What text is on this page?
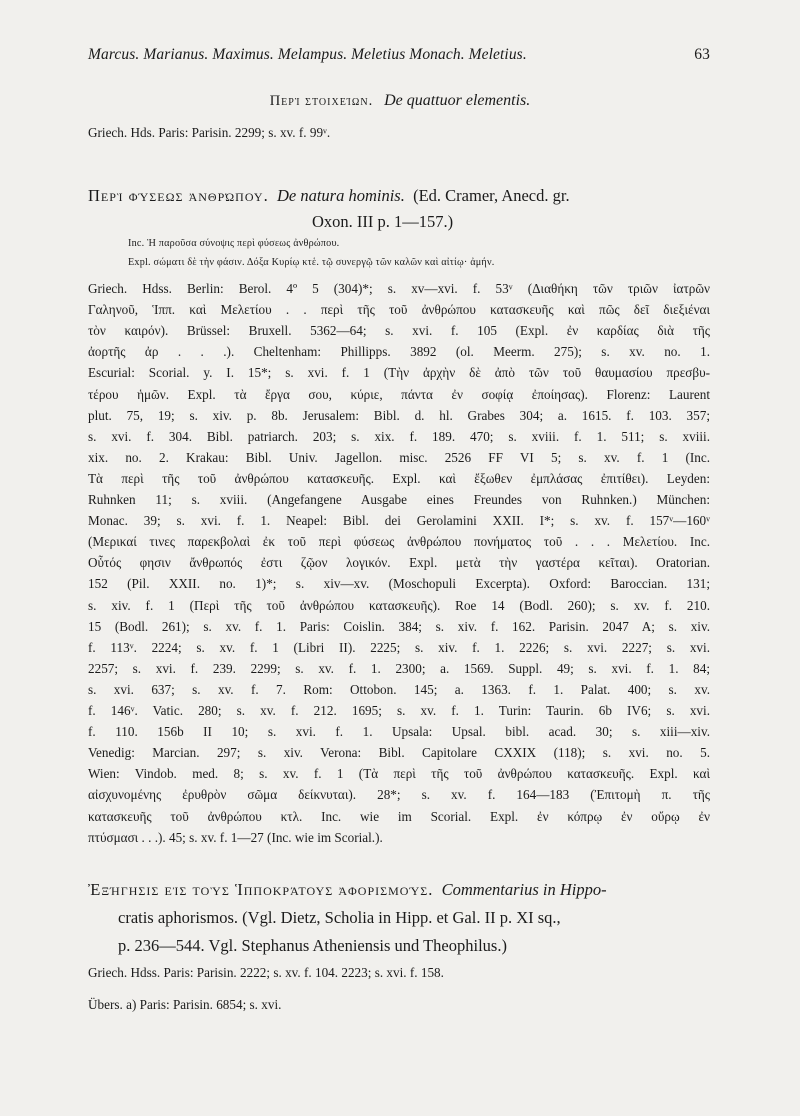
Marcus. Marianus. Maximus. Melampus. Meletius Monach. Meletius.	63
Περὶ στοιχείων. De quattuor elementis.
Griech. Hds. Paris: Parisin. 2299; s. xv. f. 99ᵛ.
Περὶ φύσεως ἀνθρώπου. De natura hominis. (Ed. Cramer, Anecd. gr.
Oxon. III p. 1—157.)
Inc. Ἡ παροῦσα σύνοψις περὶ φύσεως ἀνθρώπου.
Expl. σώματι δὲ τὴν φάσιν. Δόξα Κυρίῳ κτἑ. τῷ συνεργῷ τῶν καλῶν καὶ αἰτίῳ· ἀμήν.
Griech. Hdss. Berlin: Berol. 4º 5 (304)*; s. xv—xvi. f. 53ᵛ (Διαθήκη τῶν τριῶν ἰατρῶν
Γαληνοῦ, Ἱππ. καὶ Μελετίου . . περὶ τῆς τοῦ ἀνθρώπου κατασκευῆς καὶ πῶς δεῖ διεξιέναι
τὸν καιρόν). Brüssel: Bruxell. 5362—64; s. xvi. f. 105 (Expl. ἐν καρδίας διὰ τῆς
ἀορτῆς ἀρ . . .). Cheltenham: Phillipps. 3892 (ol. Meerm. 275); s. xv. no. 1.
Escurial: Scorial. y. I. 15*; s. xvi. f. 1 (Τὴν ἀρχὴν δὲ ἀπὸ τῶν τοῦ θαυμασίου πρεσβυ-
τέρου ἡμῶν. Expl. τὰ ἔργα σου, κύριε, πάντα ἐν σοφίᾳ ἐποίησας). Florenz: Laurent
plut. 75, 19; s. xiv. p. 8b. Jerusalem: Bibl. d. hl. Grabes 304; a. 1615. f. 103. 357;
s. xvi. f. 304. Bibl. patriarch. 203; s. xix. f. 189. 470; s. xviii. f. 1. 511; s. xviii.
xix. no. 2. Krakau: Bibl. Univ. Jagellon. misc. 2526 FF VI 5; s. xv. f. 1 (Inc.
Τὰ περὶ τῆς τοῦ ἀνθρώπου κατασκευῆς. Expl. καὶ ἔξωθεν ἐμπλάσας ἐπιτίθει). Leyden:
Ruhnken 11; s. xviii. (Angefangene Ausgabe eines Freundes von Ruhnken.) München:
Monac. 39; s. xvi. f. 1. Neapel: Bibl. dei Gerolamini XXII. I*; s. xv. f. 157ᵛ—160ᵛ
(Μερικαί τινες παρεκβολαὶ ἐκ τοῦ περὶ φύσεως ἀνθρώπου πονήματος τοῦ . . . Μελετίου. Inc.
Οὗτός φησιν ἄνθρωπός ἐστι ζῷον λογικόν. Expl. μετὰ τὴν γαστέρα κεῖται). Oratorian.
152 (Pil. XXII. no. 1)*; s. xiv—xv. (Moschopuli Excerpta). Oxford: Baroccian. 131;
s. xiv. f. 1 (Περὶ τῆς τοῦ ἀνθρώπου κατασκευῆς). Roe 14 (Bodl. 260); s. xv. f. 210.
15 (Bodl. 261); s. xv. f. 1. Paris: Coislin. 384; s. xiv. f. 162. Parisin. 2047 A; s. xiv.
f. 113ᵛ. 2224; s. xv. f. 1 (Libri II). 2225; s. xiv. f. 1. 2226; s. xvi. 2227; s. xvi.
2257; s. xvi. f. 239. 2299; s. xv. f. 1. 2300; a. 1569. Suppl. 49; s. xvi. f. 1. 84;
s. xvi. 637; s. xv. f. 7. Rom: Ottobon. 145; a. 1363. f. 1. Palat. 400; s. xv.
f. 146ᵛ. Vatic. 280; s. xv. f. 212. 1695; s. xv. f. 1. Turin: Taurin. 6b IV6; s. xvi.
f. 110. 156b II 10; s. xvi. f. 1. Upsala: Upsal. bibl. acad. 30; s. xiii—xiv.
Venedig: Marcian. 297; s. xiv. Verona: Bibl. Capitolare CXXIX (118); s. xvi. no. 5.
Wien: Vindob. med. 8; s. xv. f. 1 (Τὰ περὶ τῆς τοῦ ἀνθρώπου κατασκευῆς. Expl. καὶ
αἰσχυνομένης ἐρυθρὸν σῶμα δείκνυται). 28*; s. xv. f. 164—183 (Ἐπιτομὴ π. τῆς
κατασκευῆς τοῦ ἀνθρώπου κτλ. Inc. wie im Scorial. Expl. ἐν κόπρῳ ἐν οὔρῳ ἐν
πτύσμασι . . .). 45; s. xv. f. 1—27 (Inc. wie im Scorial.).
Ἐξήγησις εἰς τοὺς Ἱπποκράτους ἀφορισμούς. Commentarius in Hippo-
cratis aphorismos. (Vgl. Dietz, Scholia in Hipp. et Gal. II p. XI sq.,
p. 236—544. Vgl. Stephanus Atheniensis und Theophilus.)
Griech. Hdss. Paris: Parisin. 2222; s. xv. f. 104. 2223; s. xvi. f. 158.
Übers. a) Paris: Parisin. 6854; s. xvi.
